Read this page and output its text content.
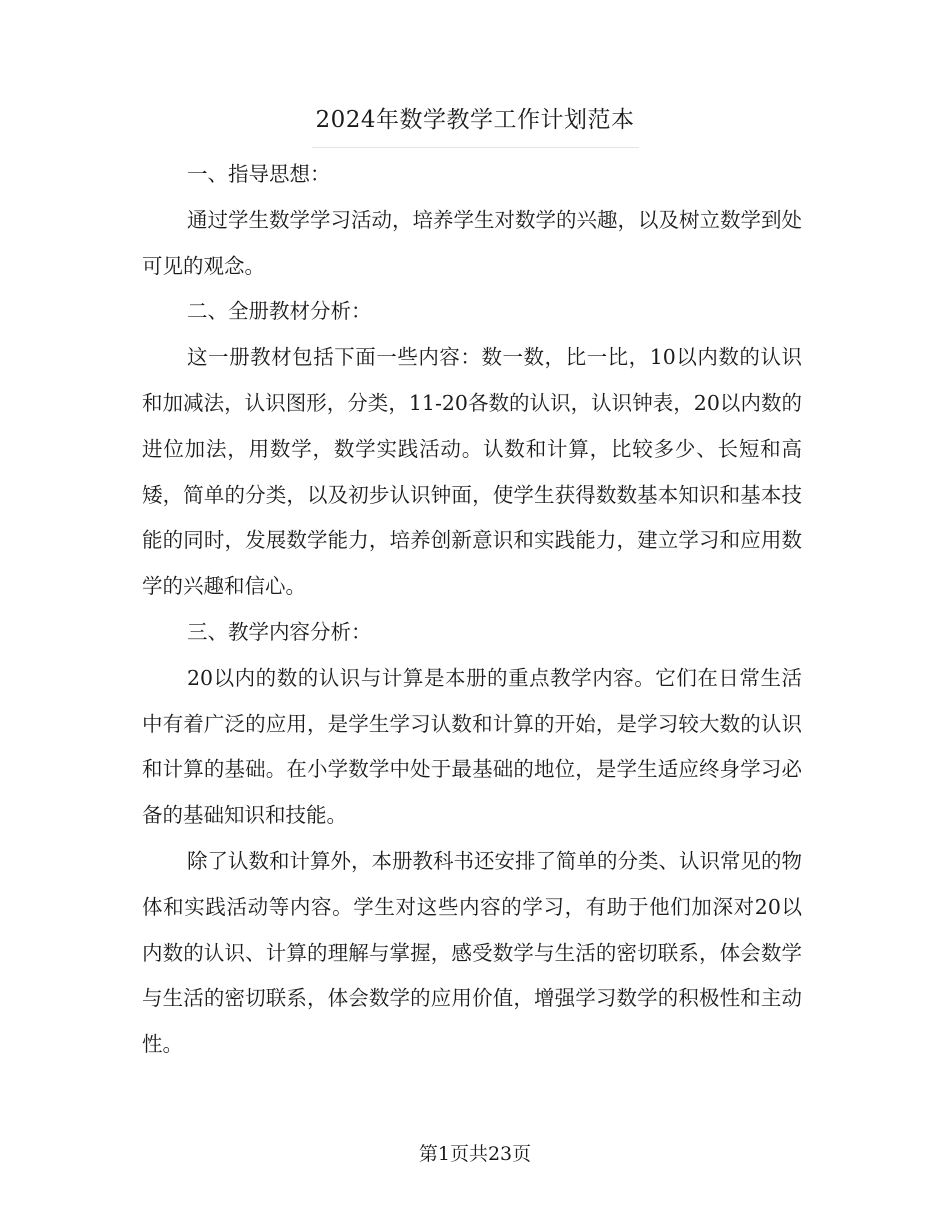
2024年数学教学工作计划范本

一、指导思想：

通过学生数学学习活动，培养学生对数学的兴趣，以及树立数学到处可见的观念。

二、全册教材分析：

这一册教材包括下面一些内容：数一数，比一比，10以内数的认识和加减法，认识图形，分类，11-20各数的认识，认识钟表，20以内数的进位加法，用数学，数学实践活动。认数和计算，比较多少、长短和高矮，简单的分类，以及初步认识钟面，使学生获得数数基本知识和基本技能的同时，发展数学能力，培养创新意识和实践能力，建立学习和应用数学的兴趣和信心。

三、教学内容分析：

20以内的数的认识与计算是本册的重点教学内容。它们在日常生活中有着广泛的应用，是学生学习认数和计算的开始，是学习较大数的认识和计算的基础。在小学数学中处于最基础的地位，是学生适应终身学习必备的基础知识和技能。

除了认数和计算外，本册教科书还安排了简单的分类、认识常见的物体和实践活动等内容。学生对这些内容的学习，有助于他们加深对20以内数的认识、计算的理解与掌握，感受数学与生活的密切联系，体会数学与生活的密切联系，体会数学的应用价值，增强学习数学的积极性和主动性。

第1页共23页
